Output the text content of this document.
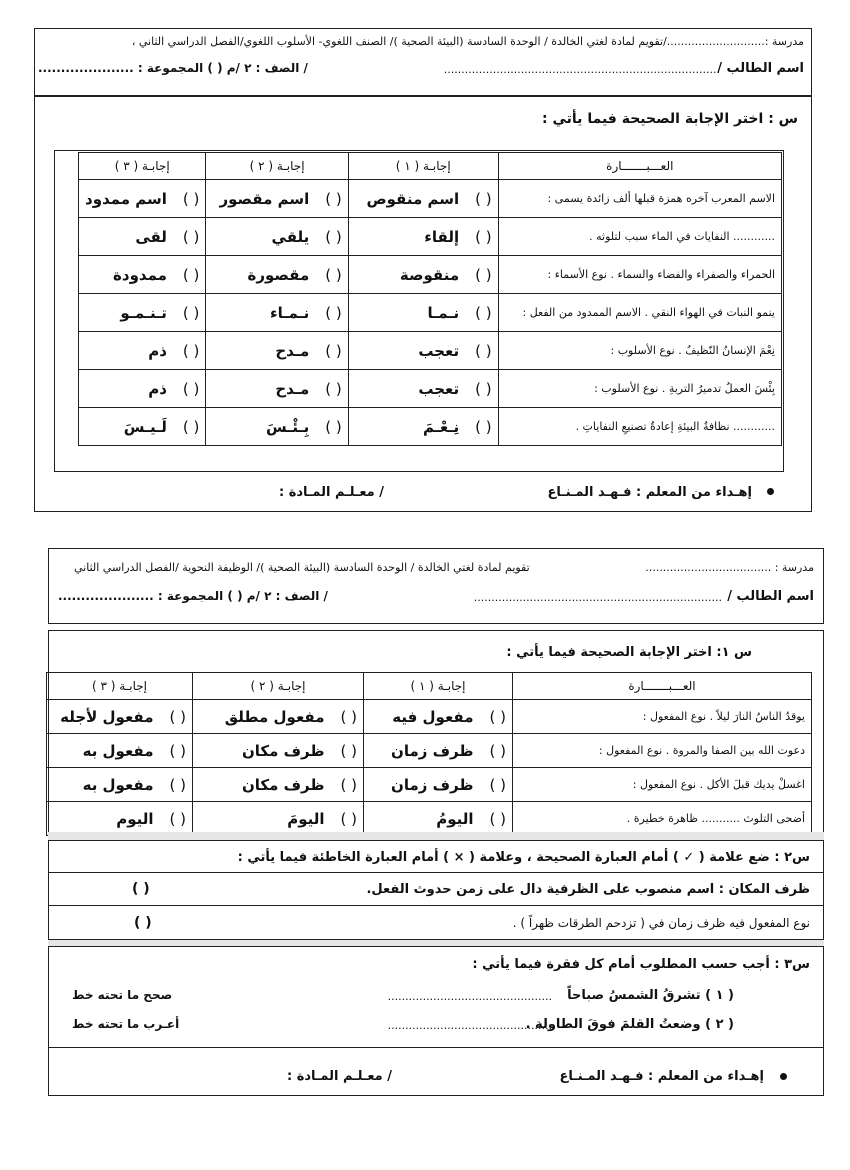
مدرسة :............................/تقويم لمادة لغتي الخالدة / الوحدة السادسة (البيئة الصحية )/ الصنف اللغوي- الأسلوب اللغوي/الفصل الدراسي الثاني ،
اسم الطالب /
...............................................................................
/ الصف : ٢ /م ( ) المجموعة : .....................
س : اختر الإجابة الصحيحة فيما يأتي :
العـــبـــــــارة	إجابـة ( ١ )	إجابـة ( ٢ )	إجابـة ( ٣ )
الاسم المعرب آخره همزة قبلها ألف زائدة يسمى :	( )اسم منقوص	( )اسم مقصور	( )اسم ممدود
............ النفايات في الماء سبب لتلوثه .	( )إلقاء	( )يلقي	( )لقى
الحمراء والصفراء والفضاء والسماء . نوع الأسماء :	( )منقوصة	( )مقصورة	( )ممدودة
ينمو النبات في الهواء النقي . الاسم الممدود من الفعل :	( )نـمـا	( )نـمـاء	( )تـنـمـو
نِعْمَ الإنسانُ النّظيفُ . نوع الأسلوب :	( )تعجب	( )مـدح	( )ذم
بِئْسَ العملُ تدميرُ التربةِ . نوع الأسلوب :	( )تعجب	( )مـدح	( )ذم
............ نظافةُ البيئةِ إعادةُ تصنيعِ النفاياتِ .	( )نِـعْـمَ	( )بِـئْـسَ	( )لَـيـسَ
إهـداء من المعلم : فـهـد المـنـاع
/ معـلـم المـادة :
مدرسة : ....................................
تقويم لمادة لغتي الخالدة / الوحدة السادسة (البيئة الصحية )/ الوظيفة النحوية /الفصل الدراسي الثاني
اسم الطالب /
.......................................................................
/ الصف : ٢ /م ( ) المجموعة : .....................
س ١: اختر الإجابة الصحيحة فيما يأتي :
العـــبـــــــارة	إجابـة ( ١ )	إجابـة ( ٢ )	إجابـة ( ٣ )
يوقدُ الناسُ النارَ ليلاً . نوع المفعول :	( )مفعول فيه	( )مفعول مطلق	( )مفعول لأجله
دعوت الله بين الصفا والمروة . نوع المفعول :	( )ظرف زمان	( )ظرف مكان	( )مفعول به
اغسلْ يديك قبلَ الأكل . نوع المفعول :	( )ظرف زمان	( )ظرف مكان	( )مفعول به
أضحى التلوث ........... ظاهرة خطيرة .	( )اليومُ	( )اليومَ	( )اليوم
س٢ : ضع علامة ( ✓ ) أمام العبارة الصحيحة ، وعلامة ( × ) أمام العبارة الخاطئة فيما يأتي :
ظرف المكان : اسم منصوب على الظرفية دال على زمن حدوث الفعل.
( )
نوع المفعول فيه ظرف زمان في ( تزدحم الطرقات ظهراً ) .
( )
س٣ : أجب حسب المطلوب أمام كل فقرة فيما يأتي :
( ١ ) تشرقُ الشمسُ صباحاً
...............................................
صحح ما تحته خط
( ٢ ) وضعتُ القلمَ فوقَ الطاولة .
...............................................
أعـرب ما تحته خط
إهـداء من المعلم : فـهـد المـنـاع
/ معـلـم المـادة :
